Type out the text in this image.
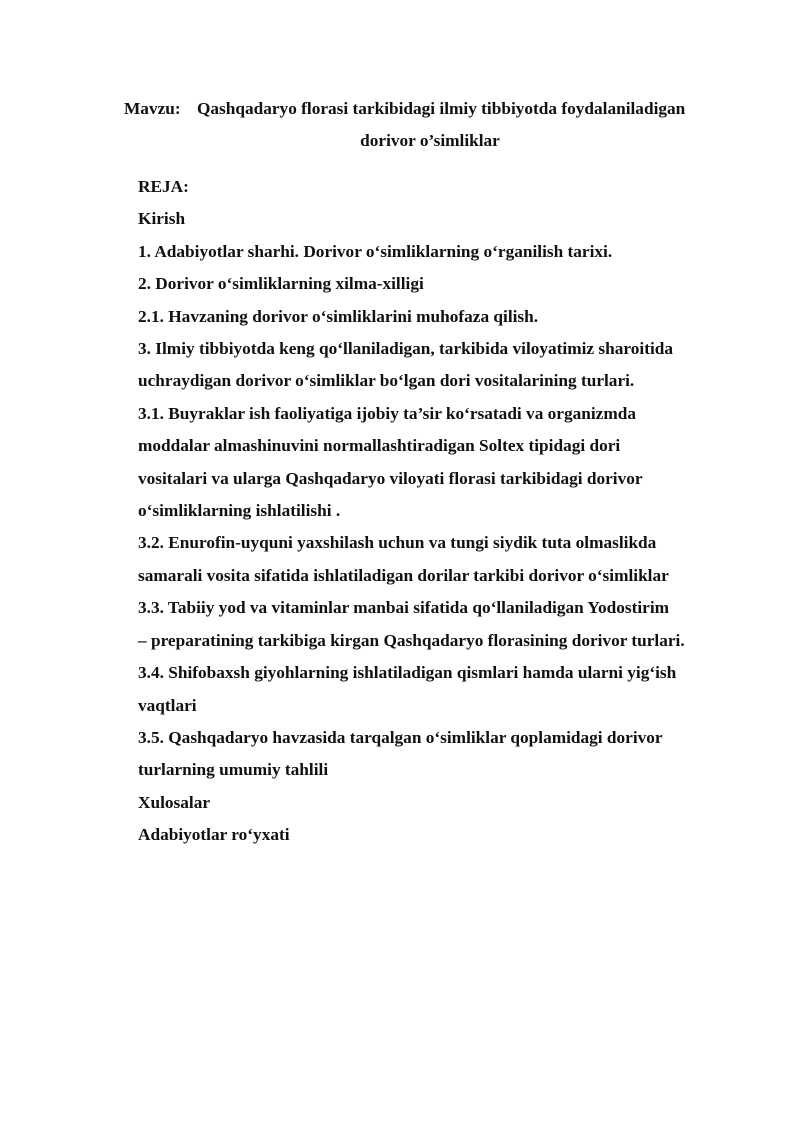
Mavzu: Qashqadaryo florasi tarkibidagi ilmiy tibbiyotda foydalaniladigan
dorivor o’simliklar
REJA:
Kirish
1. Adabiyotlar sharhi. Dorivor o‘simliklarning o‘rganilish tarixi.
2. Dorivor o‘simliklarning xilma-xilligi
2.1. Havzaning dorivor o‘simliklarini muhofaza qilish.
3. Ilmiy tibbiyotda keng qo‘llaniladigan, tarkibida viloyatimiz sharoitida
uchraydigan dorivor o‘simliklar bo‘lgan dori vositalarining turlari.
3.1. Buyraklar ish faoliyatiga ijobiy ta’sir ko‘rsatadi va organizmda
moddalar almashinuvini normallashtiradigan Soltex tipidagi dori
vositalari va ularga Qashqadaryo viloyati florasi tarkibidagi dorivor
o‘simliklarning ishlatilishi .
3.2. Enurofin-uyquni yaxshilash uchun va tungi siydik tuta olmaslikda
samarali vosita sifatida ishlatiladigan dorilar tarkibi dorivor o‘simliklar
3.3. Tabiiy yod va vitaminlar manbai sifatida qo‘llaniladigan Yodostirim
– preparatining tarkibiga kirgan Qashqadaryo florasining dorivor turlari.
3.4. Shifobaxsh giyohlarning ishlatiladigan qismlari hamda ularni yig‘ish
vaqtlari
3.5. Qashqadaryo havzasida tarqalgan o‘simliklar qoplamidagi dorivor
turlarning umumiy tahlili
Xulosalar
Adabiyotlar ro‘yxati
